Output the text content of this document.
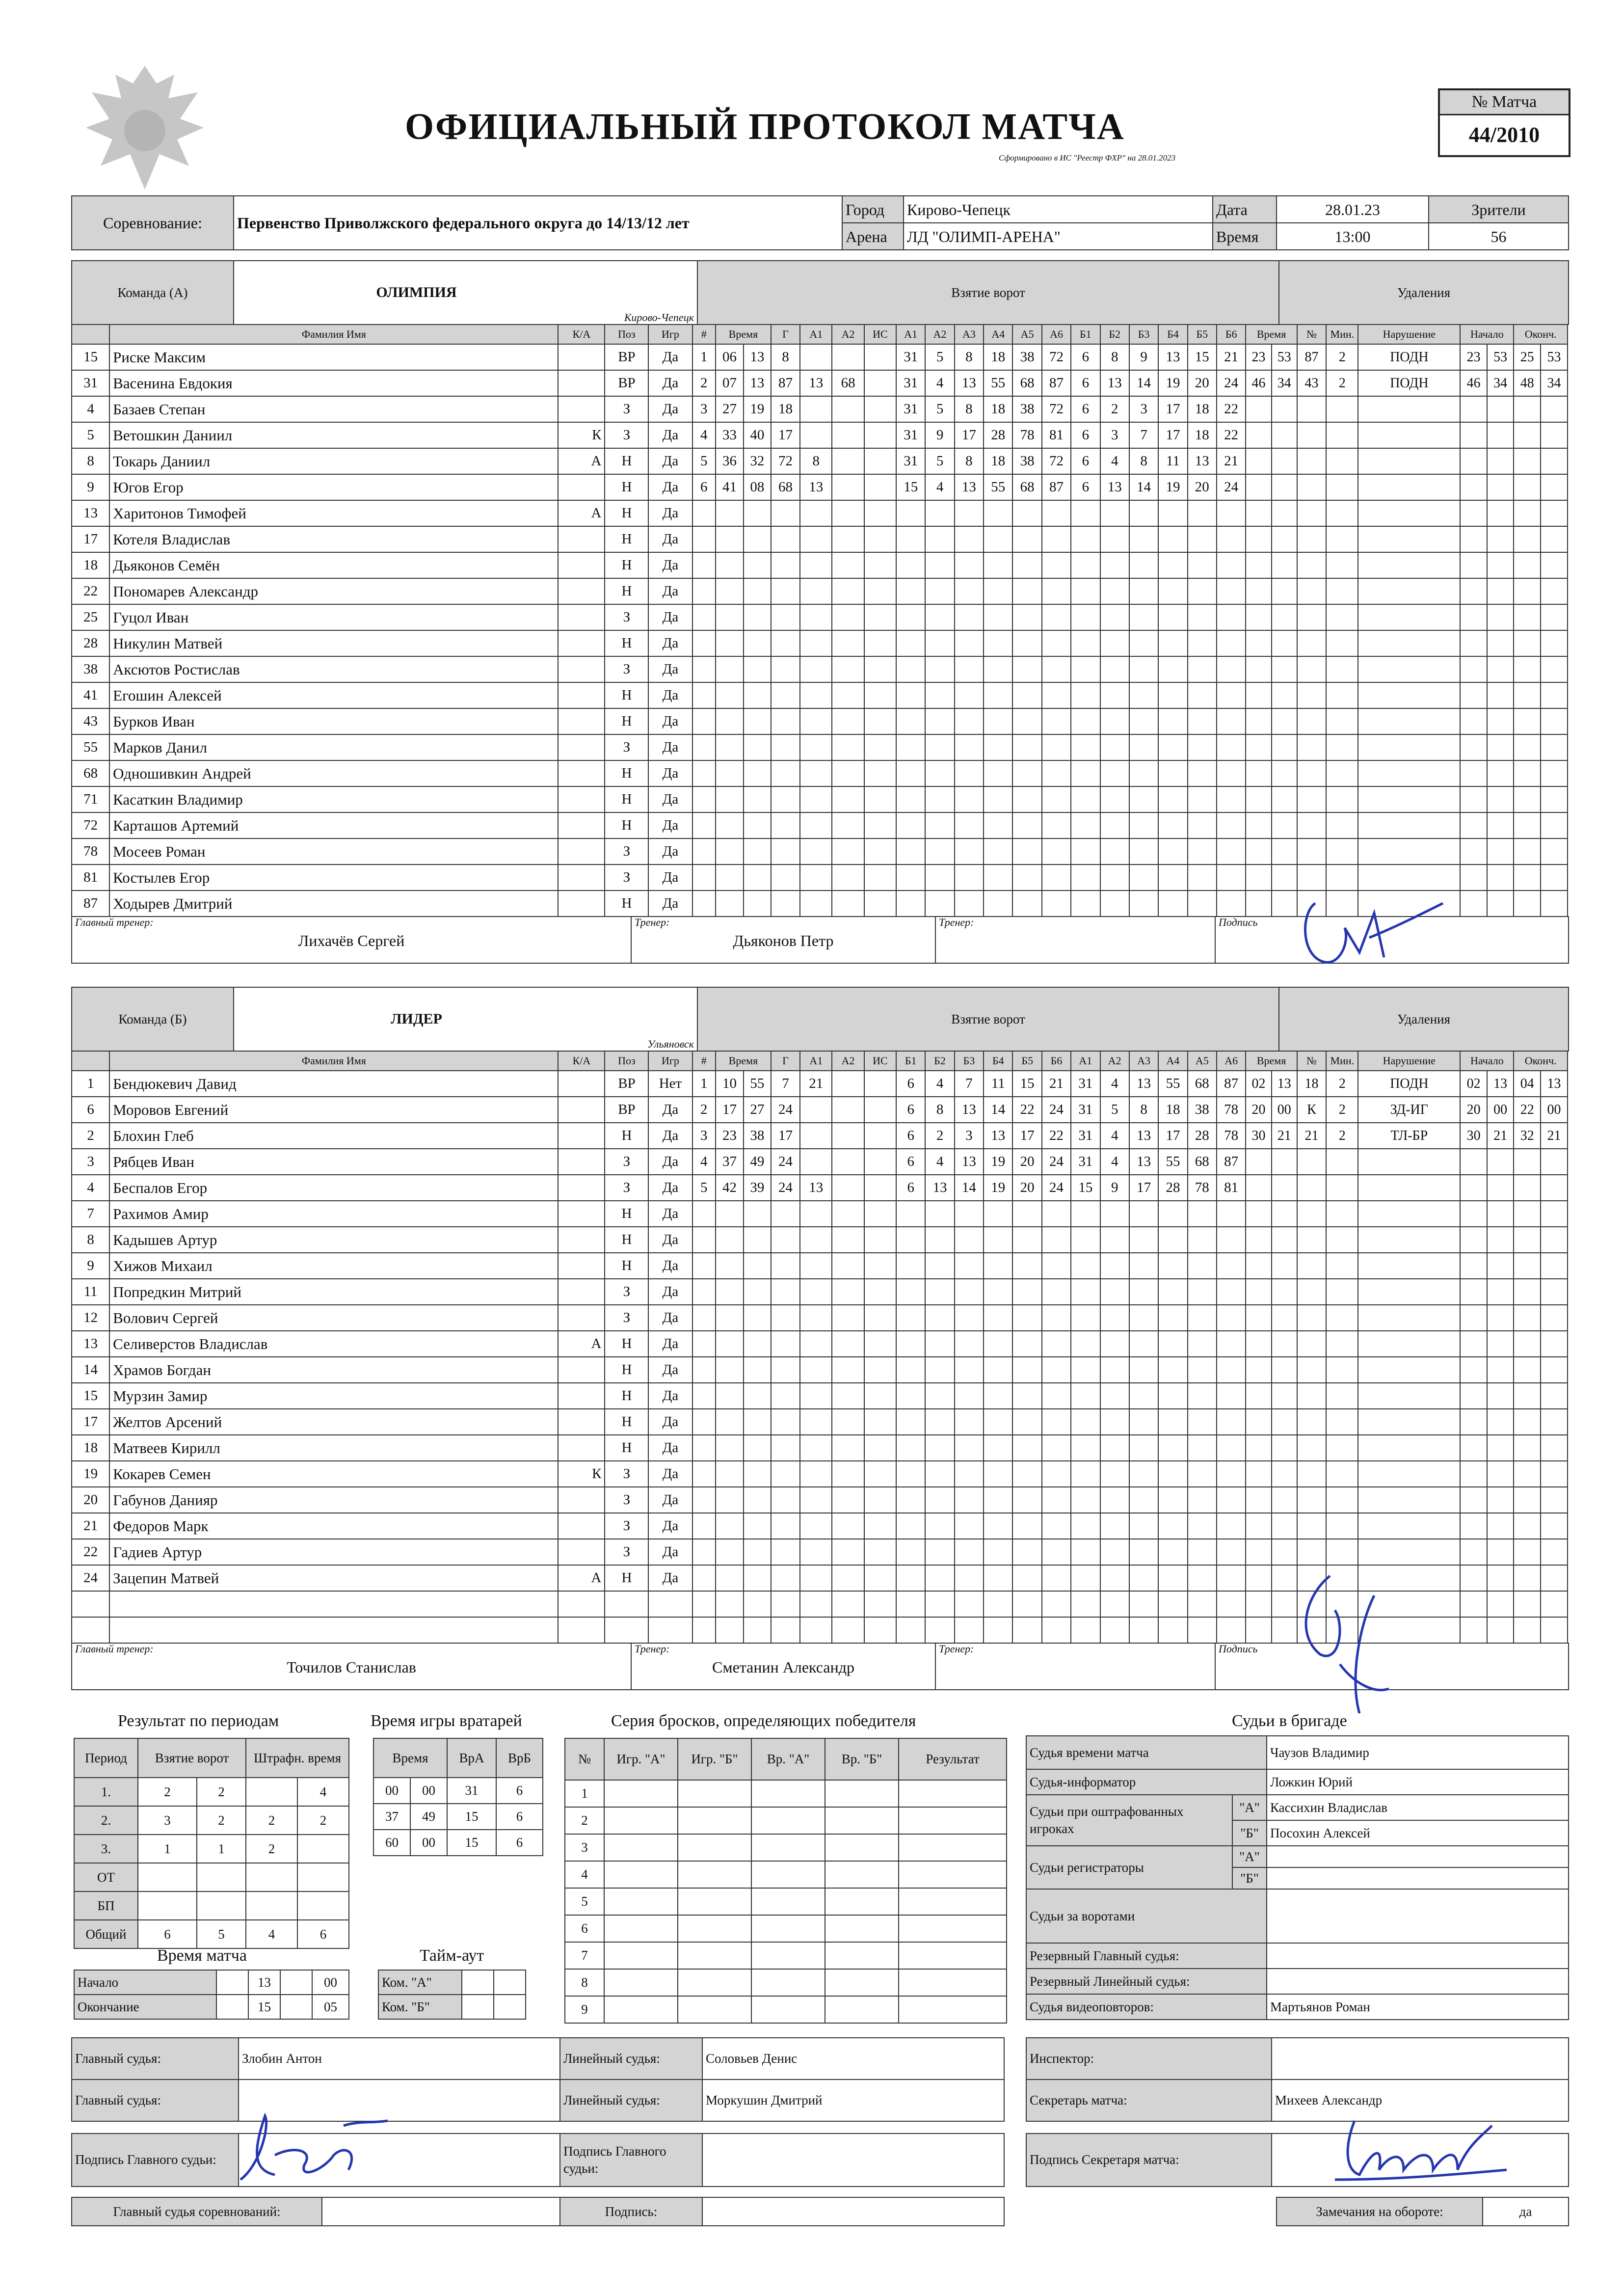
ОФИЦИАЛЬНЫЙ ПРОТОКОЛ МАТЧА
Сформировано в ИС "Реестр ФХР" на 28.01.2023
№ Матча
44/2010
Соревнование:	Первенство Приволжского федерального округа до 14/13/12 лет	Город	Кирово-Чепецк	Дата	28.01.23	Зрители
		Арена	ЛД "ОЛИМП-АРЕНА"	Время	13:00	56
Команда (А)	ОЛИМПИЯ
Кирово-Чепецк
	Взятие ворот	Удаления
	Фамилия Имя	К/А	Поз	Игр	#	Время		Г	А1	А2	ИС	А1	А2	А3	А4	А5	А6	Б1	Б2	Б3	Б4	Б5	Б6	Время		№	Мин.	Нарушение	Начало		Оконч.	
15	Риске Максим		ВР	Да	1	06	13	8				31	5	8	18	38	72	6	8	9	13	15	21	23	53	87	2	ПОДН	23	53	25	53
31	Васенина Евдокия		ВР	Да	2	07	13	87	13	68		31	4	13	55	68	87	6	13	14	19	20	24	46	34	43	2	ПОДН	46	34	48	34
4	Базаев Степан		З	Да	3	27	19	18				31	5	8	18	38	72	6	2	3	17	18	22									
5	Ветошкин Даниил	К	З	Да	4	33	40	17				31	9	17	28	78	81	6	3	7	17	18	22									
8	Токарь Даниил	А	Н	Да	5	36	32	72	8			31	5	8	18	38	72	6	4	8	11	13	21									
9	Югов Егор		Н	Да	6	41	08	68	13			15	4	13	55	68	87	6	13	14	19	20	24									
13	Харитонов Тимофей	А	Н	Да																												
17	Котеля Владислав		Н	Да																												
18	Дьяконов Семён		Н	Да																												
22	Пономарев Александр		Н	Да																												
25	Гуцол Иван		З	Да																												
28	Никулин Матвей		Н	Да																												
38	Аксютов Ростислав		З	Да																												
41	Егошин Алексей		Н	Да																												
43	Бурков Иван		Н	Да																												
55	Марков Данил		З	Да																												
68	Одношивкин Андрей		Н	Да																												
71	Касаткин Владимир		Н	Да																												
72	Карташов Артемий		Н	Да																												
78	Мосеев Роман		З	Да																												
81	Костылев Егор		З	Да																												
87	Ходырев Дмитрий		Н	Да																												
Главный тренер:
Лихачёв Сергей

Тренер:
Дьяконов Петр

Тренер:	Подпись
Команда (Б)	ЛИДЕР
Ульяновск
	Взятие ворот	Удаления
	Фамилия Имя	К/А	Поз	Игр	#	Время		Г	А1	А2	ИС	Б1	Б2	Б3	Б4	Б5	Б6	А1	А2	А3	А4	А5	А6	Время		№	Мин.	Нарушение	Начало		Оконч.	
1	Бендюкевич Давид		ВР	Нет	1	10	55	7	21			6	4	7	11	15	21	31	4	13	55	68	87	02	13	18	2	ПОДН	02	13	04	13
6	Моровов Евгений		ВР	Да	2	17	27	24				6	8	13	14	22	24	31	5	8	18	38	78	20	00	К	2	ЗД-ИГ	20	00	22	00
2	Блохин Глеб		Н	Да	3	23	38	17				6	2	3	13	17	22	31	4	13	17	28	78	30	21	21	2	ТЛ-БР	30	21	32	21
3	Рябцев Иван		З	Да	4	37	49	24				6	4	13	19	20	24	31	4	13	55	68	87									
4	Беспалов Егор		З	Да	5	42	39	24	13			6	13	14	19	20	24	15	9	17	28	78	81									
7	Рахимов Амир		Н	Да																												
8	Кадышев Артур		Н	Да																												
9	Хижов Михаил		Н	Да																												
11	Попредкин Митрий		З	Да																												
12	Волович Сергей		З	Да																												
13	Селиверстов Владислав	А	Н	Да																												
14	Храмов Богдан		Н	Да																												
15	Мурзин Замир		Н	Да																												
17	Желтов Арсений		Н	Да																												
18	Матвеев Кирилл		Н	Да																												
19	Кокарев Семен	К	З	Да																												
20	Габунов Данияр		З	Да																												
21	Федоров Марк		З	Да																												
22	Гадиев Артур		З	Да																												
24	Зацепин Матвей	А	Н	Да																												

Главный тренер:
Точилов Станислав

Тренер:
Сметанин Александр

Тренер:	Подпись
Результат по периодам
Период	Взятие ворот		Штрафн. время	
1.	2	2		4
2.	3	2	2	2
3.	1	1	2	
ОТ				
БП				
Общий	6	5	4	6
Время игры вратарей
Время		ВрА	ВрБ
00	00	31	6
37	49	15	6
60	00	15	6
Время матча
Начало		13		00
Окончание		15		05
Тайм-аут
Ком. "А"		
Ком. "Б"		
Серия бросков, определяющих победителя
№	Игр. "А"	Игр. "Б"	Вр. "А"	Вр. "Б"	Результат
1					
2					
3					
4					
5					
6					
7					
8					
9					
Судьи в бригаде
Судья времени матча		Чаузов Владимир
Судья-информатор		Ложкин Юрий
Судьи при оштрафованных игроках	"А"	Кассихин Владислав
	"Б"	Посохин Алексей
Судьи регистраторы	"А"	
	"Б"	
Судьи за воротами		
Резервный Главный судья:		
Резервный Линейный судья:		
Судья видеоповторов:		Мартьянов Роман
Главный судья:	Злобин Антон	Линейный судья:	Соловьев Денис
Главный судья:		Линейный судья:	Моркушин Дмитрий
Инспектор:	
Секретарь матча:	Михеев Александр
Подпись Главного судьи:		Подпись Главного судьи:	
Подпись Секретаря матча:	
Главный судья соревнований:		Подпись:		Замечания на обороте:	да
